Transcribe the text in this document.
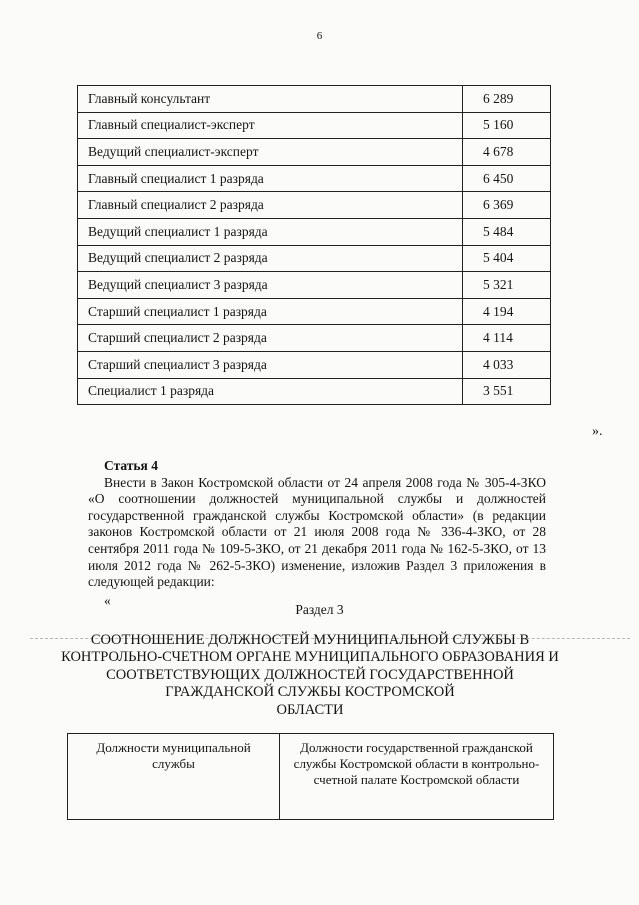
6
Главный консультант	6 289
Главный специалист-эксперт	5 160
Ведущий специалист-эксперт	4 678
Главный специалист 1 разряда	6 450
Главный специалист 2 разряда	6 369
Ведущий специалист 1 разряда	5 484
Ведущий специалист 2 разряда	5 404
Ведущий специалист 3 разряда	5 321
Старший специалист 1 разряда	4 194
Старший специалист 2 разряда	4 114
Старший специалист 3 разряда	4 033
Специалист 1 разряда	3 551
».
Статья 4
Внести в Закон Костромской области от 24 апреля 2008 года № 305-4-ЗКО «О соотношении должностей муниципальной службы и должностей государственной гражданской службы Костромской области» (в редакции законов Костромской области от 21 июля 2008 года № 336-4-ЗКО, от 28 сентября 2011 года № 109-5-ЗКО, от 21 декабря 2011 года № 162-5-ЗКО, от 13 июля 2012 года № 262-5-ЗКО) изменение, изложив Раздел 3 приложения в следующей редакции:
«
Раздел 3
СООТНОШЕНИЕ ДОЛЖНОСТЕЙ МУНИЦИПАЛЬНОЙ СЛУЖБЫ В
КОНТРОЛЬНО-СЧЕТНОМ ОРГАНЕ МУНИЦИПАЛЬНОГО ОБРАЗОВАНИЯ И
СООТВЕТСТВУЮЩИХ ДОЛЖНОСТЕЙ ГОСУДАРСТВЕННОЙ
ГРАЖДАНСКОЙ СЛУЖБЫ КОСТРОМСКОЙ
ОБЛАСТИ
Должности муниципальной службы	Должности государственной гражданской службы Костромской области в контрольно-счетной палате Костромской области
